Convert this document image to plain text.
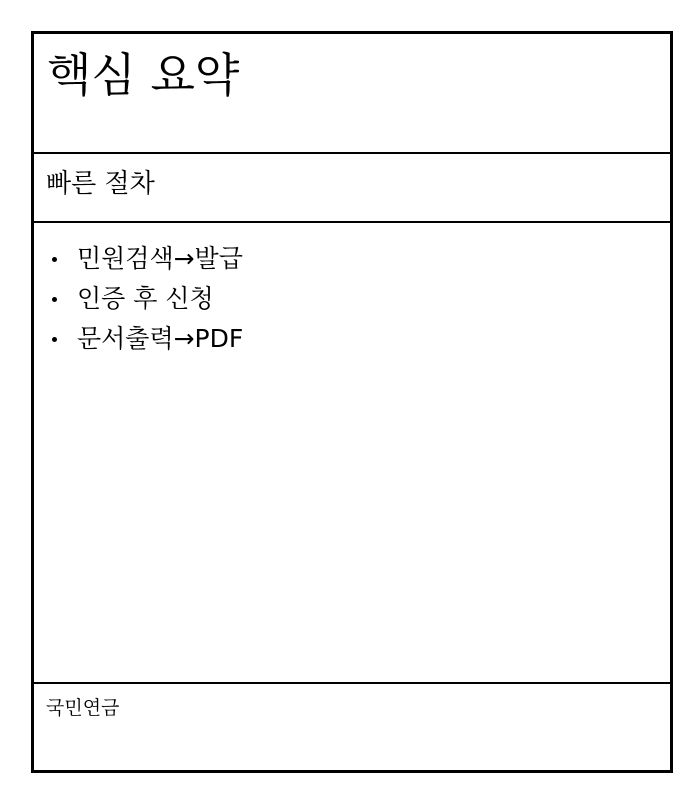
핵심 요약
빠른 절차
민원검색→발급
인증 후 신청
문서출력→PDF
국민연금
